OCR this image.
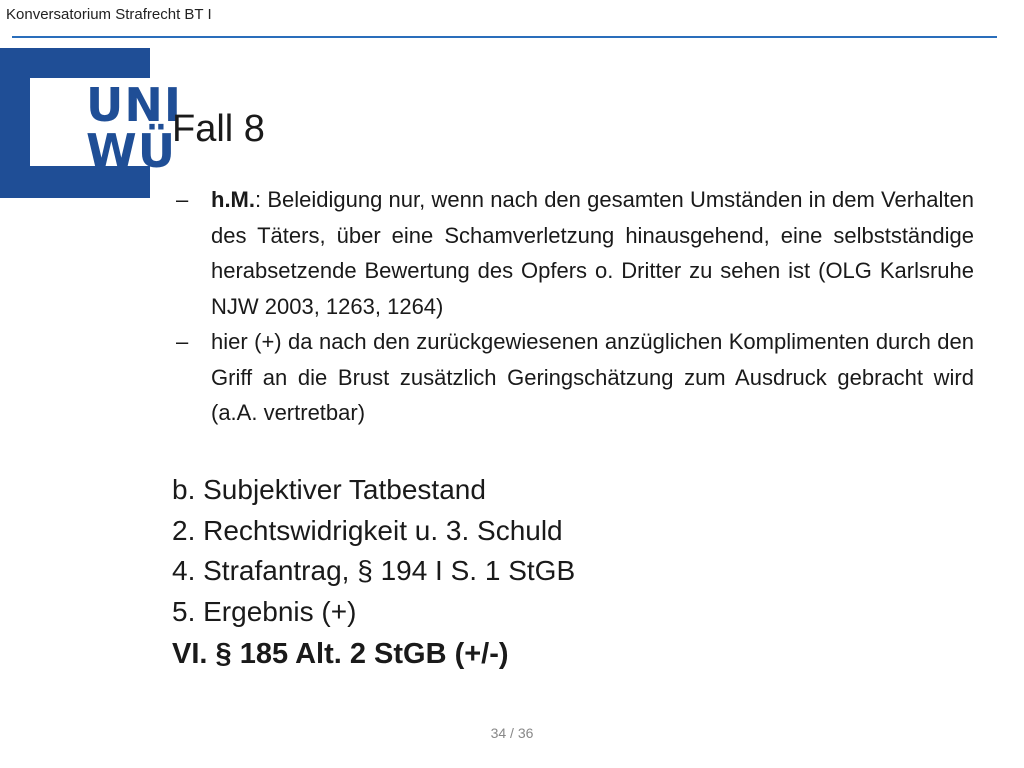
Konversatorium Strafrecht BT I
UNI
WÜ
Fall 8
– h.M.: Beleidigung nur, wenn nach den gesamten Umständen in dem Verhalten des Täters, über eine Schamverletzung hinausgehend, eine selbstständige herabsetzende Bewertung des Opfers o. Dritter zu sehen ist (OLG Karlsruhe NJW 2003, 1263, 1264)
– hier (+) da nach den zurückgewiesenen anzüglichen Komplimenten durch den Griff an die Brust zusätzlich Geringschätzung zum Ausdruck gebracht wird (a.A. vertretbar)
b. Subjektiver Tatbestand
2. Rechtswidrigkeit u. 3. Schuld
4. Strafantrag, § 194 I S. 1 StGB
5. Ergebnis (+)
VI. § 185 Alt. 2 StGB (+/-)
34 / 36
